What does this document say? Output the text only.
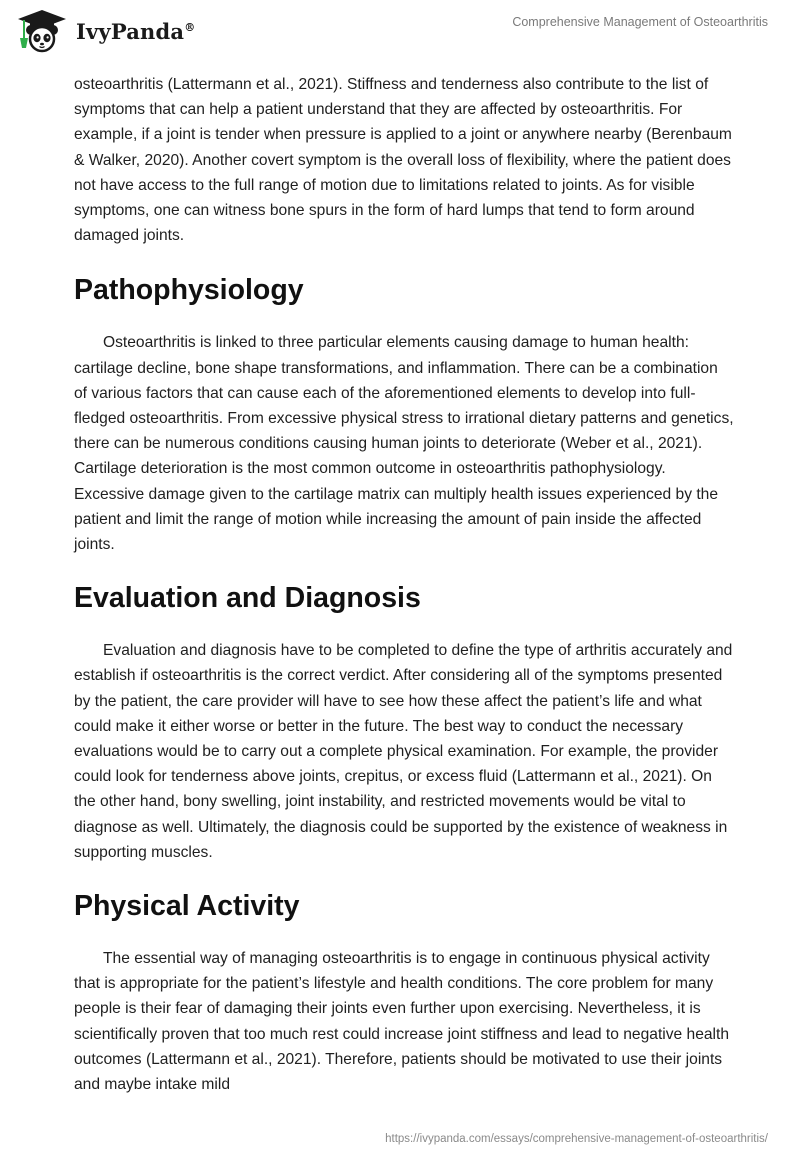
IvyPanda®	Comprehensive Management of Osteoarthritis

osteoarthritis (Lattermann et al., 2021). Stiffness and tenderness also contribute to the list of symptoms that can help a patient understand that they are affected by osteoarthritis. For example, if a joint is tender when pressure is applied to a joint or anywhere nearby (Berenbaum & Walker, 2020). Another covert symptom is the overall loss of flexibility, where the patient does not have access to the full range of motion due to limitations related to joints. As for visible symptoms, one can witness bone spurs in the form of hard lumps that tend to form around damaged joints.

Pathophysiology

Osteoarthritis is linked to three particular elements causing damage to human health: cartilage decline, bone shape transformations, and inflammation. There can be a combination of various factors that can cause each of the aforementioned elements to develop into full-fledged osteoarthritis. From excessive physical stress to irrational dietary patterns and genetics, there can be numerous conditions causing human joints to deteriorate (Weber et al., 2021). Cartilage deterioration is the most common outcome in osteoarthritis pathophysiology. Excessive damage given to the cartilage matrix can multiply health issues experienced by the patient and limit the range of motion while increasing the amount of pain inside the affected joints.

Evaluation and Diagnosis

Evaluation and diagnosis have to be completed to define the type of arthritis accurately and establish if osteoarthritis is the correct verdict. After considering all of the symptoms presented by the patient, the care provider will have to see how these affect the patient’s life and what could make it either worse or better in the future. The best way to conduct the necessary evaluations would be to carry out a complete physical examination. For example, the provider could look for tenderness above joints, crepitus, or excess fluid (Lattermann et al., 2021). On the other hand, bony swelling, joint instability, and restricted movements would be vital to diagnose as well. Ultimately, the diagnosis could be supported by the existence of weakness in supporting muscles.

Physical Activity

The essential way of managing osteoarthritis is to engage in continuous physical activity that is appropriate for the patient’s lifestyle and health conditions. The core problem for many people is their fear of damaging their joints even further upon exercising. Nevertheless, it is scientifically proven that too much rest could increase joint stiffness and lead to negative health outcomes (Lattermann et al., 2021). Therefore, patients should be motivated to use their joints and maybe intake mild

https://ivypanda.com/essays/comprehensive-management-of-osteoarthritis/
